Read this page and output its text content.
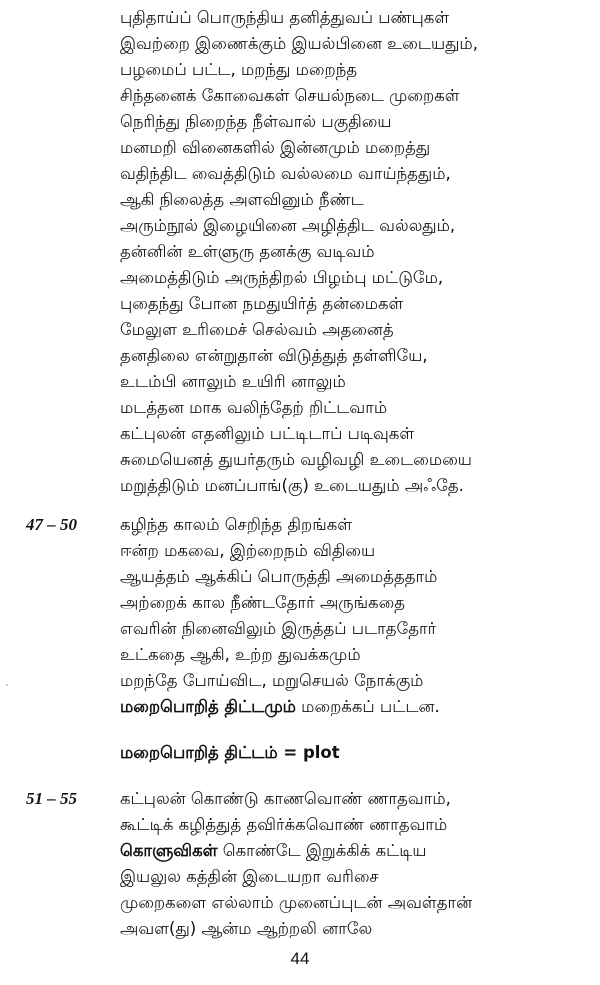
புதிதாய்ப் பொருந்திய தனித்துவப் பண்புகள்
இவற்றை இணைக்கும் இயல்பினை உடையதும்,
பழமைப் பட்ட, மறந்து மறைந்த
சிந்தனைக் கோவைகள் செயல்நடை முறைகள்
நெரிந்து நிறைந்த நீள்வால் பகுதியை
மனமறி வினைகளில் இன்னமும் மறைத்து
வதிந்திட வைத்திடும் வல்லமை வாய்ந்ததும்,
ஆகி நிலைத்த அளவினும் நீண்ட
அரும்நூல் இழையினை அழித்திட வல்லதும்,
தன்னின் உள்ளுரு தனக்கு வடிவம்
அமைத்திடும் அருந்திறல் பிழம்பு மட்டுமே,
புதைந்து போன நமதுயிர்த் தன்மைகள்
மேலுள உரிமைச் செல்வம் அதனைத்
தனதிலை என்றுதான் விடுத்துத் தள்ளியே,
உடம்பி னாலும் உயிரி னாலும்
மடத்தன மாக வலிந்தேற் றிட்டவாம்
கட்புலன் எதனிலும் பட்டிடாப் படிவுகள்
சுமையெனத் துயர்தரும் வழிவழி உடைமையை
மறுத்திடும் மனப்பாங்(கு) உடையதும் அஃதே.
47 – 50	கழிந்த காலம் செறிந்த திறங்கள்
ஈன்ற மகவை, இற்றைநம் விதியை
ஆயத்தம் ஆக்கிப் பொருத்தி அமைத்ததாம்
அற்றைக் கால நீண்டதோர் அருங்கதை
எவரின் நினைவிலும் இருத்தப் படாததோர்
உட்கதை ஆகி, உற்ற துவக்கமும்
மறந்தே போய்விட, மறுசெயல் நோக்கும்
மறைபொறித் திட்டமும் மறைக்கப் பட்டன.
மறைபொறித் திட்டம் = plot
51 – 55	கட்புலன் கொண்டு காணவொண் ணாதவாம்,
கூட்டிக் கழித்துத் தவிர்க்கவொண் ணாதவாம்
கொளுவிகள் கொண்டே இறுக்கிக் கட்டிய
இயலுல கத்தின் இடையறா வரிசை
முறைகளை எல்லாம் முனைப்புடன் அவள்தான்
அவள(து) ஆன்ம ஆற்றலி னாலே
44
